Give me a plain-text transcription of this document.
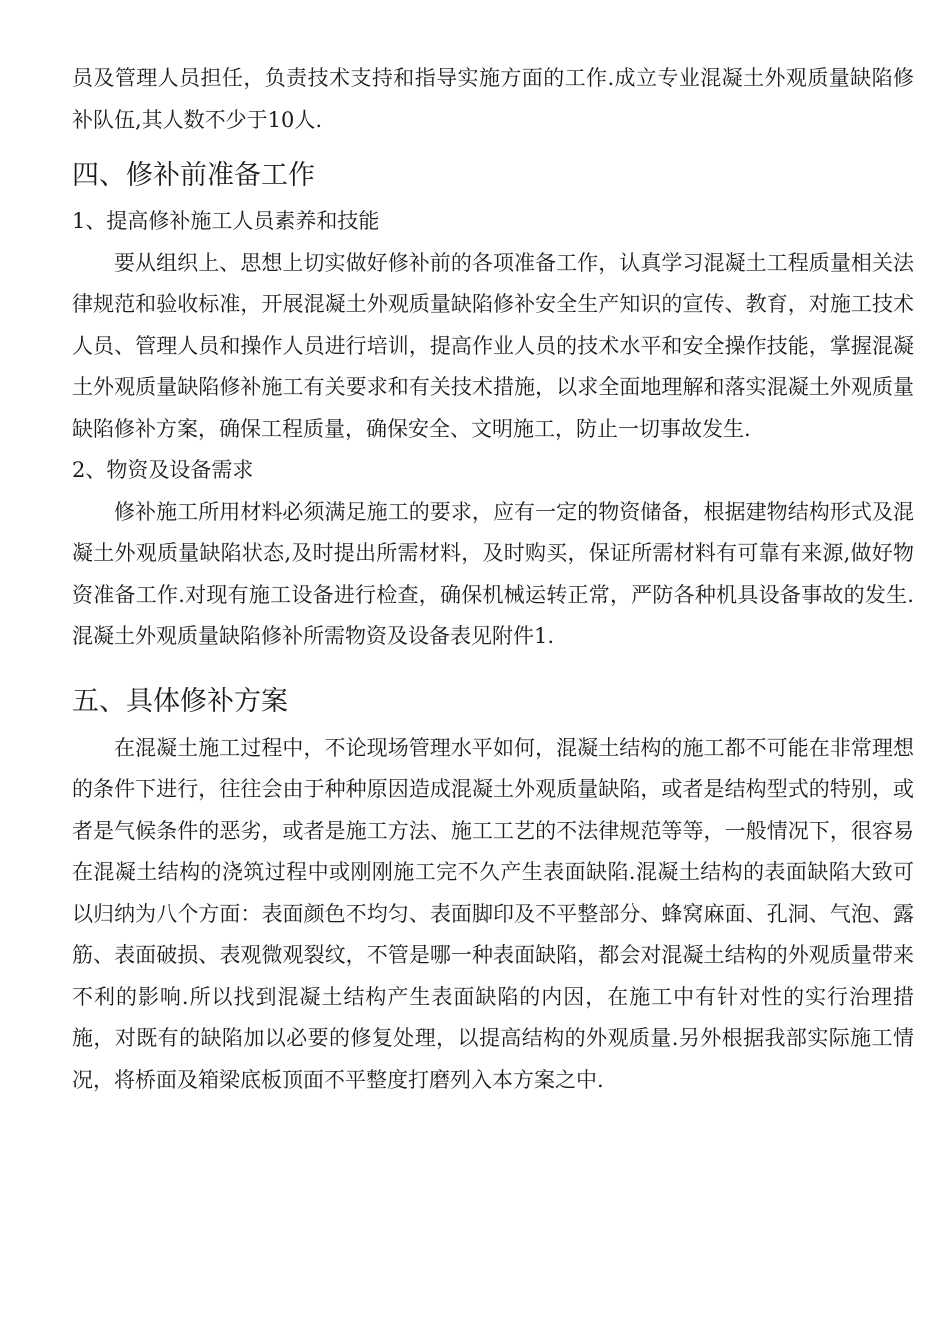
员及管理人员担任，负责技术支持和指导实施方面的工作.成立专业混凝土外观质量缺陷修补队伍,其人数不少于10人.

四、修补前准备工作
1、提高修补施工人员素养和技能

要从组织上、思想上切实做好修补前的各项准备工作，认真学习混凝土工程质量相关法律规范和验收标准，开展混凝土外观质量缺陷修补安全生产知识的宣传、教育，对施工技术人员、管理人员和操作人员进行培训，提高作业人员的技术水平和安全操作技能，掌握混凝土外观质量缺陷修补施工有关要求和有关技术措施，以求全面地理解和落实混凝土外观质量缺陷修补方案，确保工程质量，确保安全、文明施工，防止一切事故发生.

2、物资及设备需求

修补施工所用材料必须满足施工的要求，应有一定的物资储备，根据建物结构形式及混凝土外观质量缺陷状态,及时提出所需材料，及时购买，保证所需材料有可靠有来源,做好物资准备工作.对现有施工设备进行检查，确保机械运转正常，严防各种机具设备事故的发生.混凝土外观质量缺陷修补所需物资及设备表见附件1.

五、具体修补方案

在混凝土施工过程中，不论现场管理水平如何，混凝土结构的施工都不可能在非常理想的条件下进行，往往会由于种种原因造成混凝土外观质量缺陷，或者是结构型式的特别，或者是气候条件的恶劣，或者是施工方法、施工工艺的不法律规范等等，一般情况下，很容易在混凝土结构的浇筑过程中或刚刚施工完不久产生表面缺陷.混凝土结构的表面缺陷大致可以归纳为八个方面：表面颜色不均匀、表面脚印及不平整部分、蜂窝麻面、孔洞、气泡、露筋、表面破损、表观微观裂纹，不管是哪一种表面缺陷，都会对混凝土结构的外观质量带来不利的影响.所以找到混凝土结构产生表面缺陷的内因，在施工中有针对性的实行治理措施，对既有的缺陷加以必要的修复处理，以提高结构的外观质量.另外根据我部实际施工情况，将桥面及箱梁底板顶面不平整度打磨列入本方案之中.
